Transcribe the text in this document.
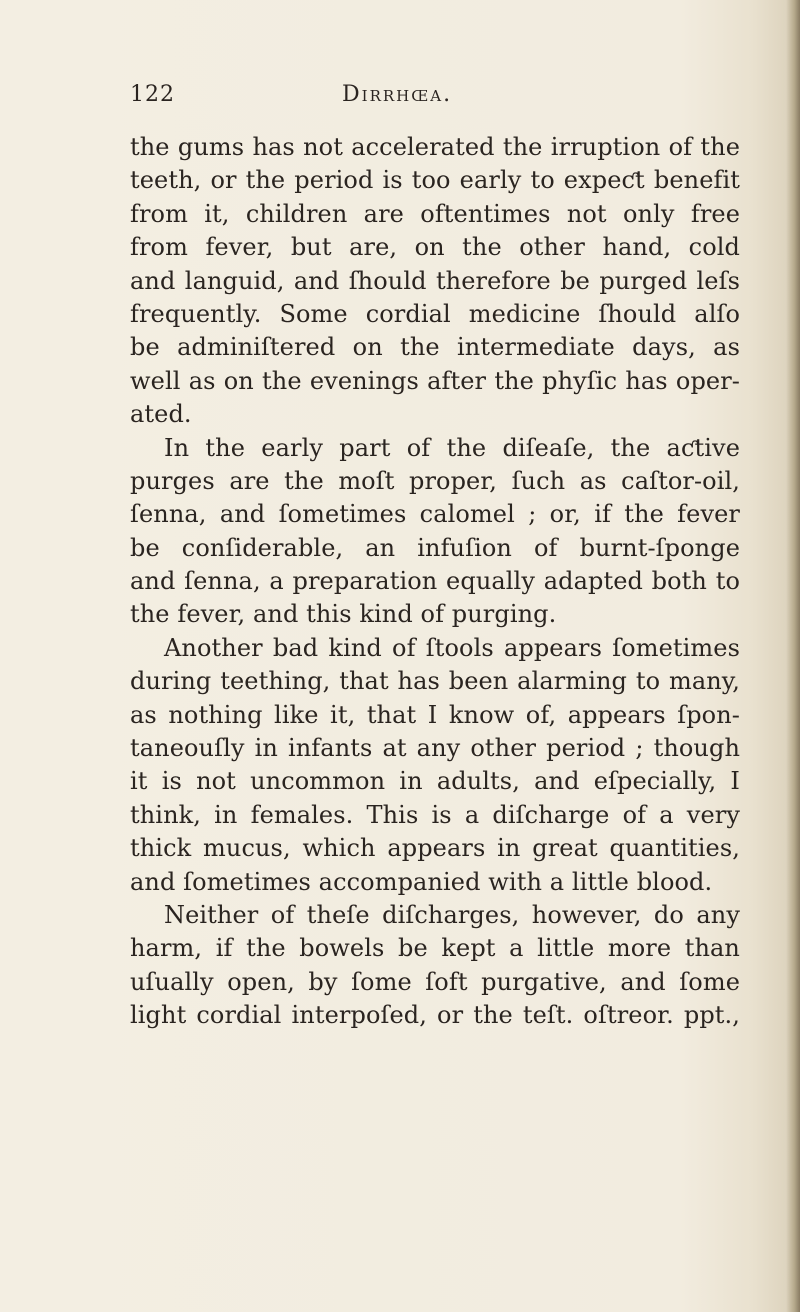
122	Dirrhœa.
the gums has not accelerated the irruption of the
teeth, or the period is too early to expeƈt benefit
from it, children are oftentimes not only free
from fever, but are, on the other hand, cold
and languid, and ſhould therefore be purged leſs
frequently. Some cordial medicine ſhould alſo
be adminiſtered on the intermediate days, as
well as on the evenings after the phyſic has oper-
ated.
In the early part of the diſeaſe, the aƈtive
purges are the moſt proper, ſuch as caſtor-oil,
ſenna, and ſometimes calomel ; or, if the fever
be conſiderable, an infuſion of burnt-ſponge
and ſenna, a preparation equally adapted both to
the fever, and this kind of purging.
Another bad kind of ſtools appears ſometimes
during teething, that has been alarming to many,
as nothing like it, that I know of, appears ſpon-
taneouſly in infants at any other period ; though
it is not uncommon in adults, and eſpecially, I
think, in females. This is a diſcharge of a very
thick mucus, which appears in great quantities,
and ſometimes accompanied with a little blood.
Neither of theſe diſcharges, however, do any
harm, if the bowels be kept a little more than
uſually open, by ſome ſoft purgative, and ſome
light cordial interpoſed, or the teſt. oſtreor. ppt.,
